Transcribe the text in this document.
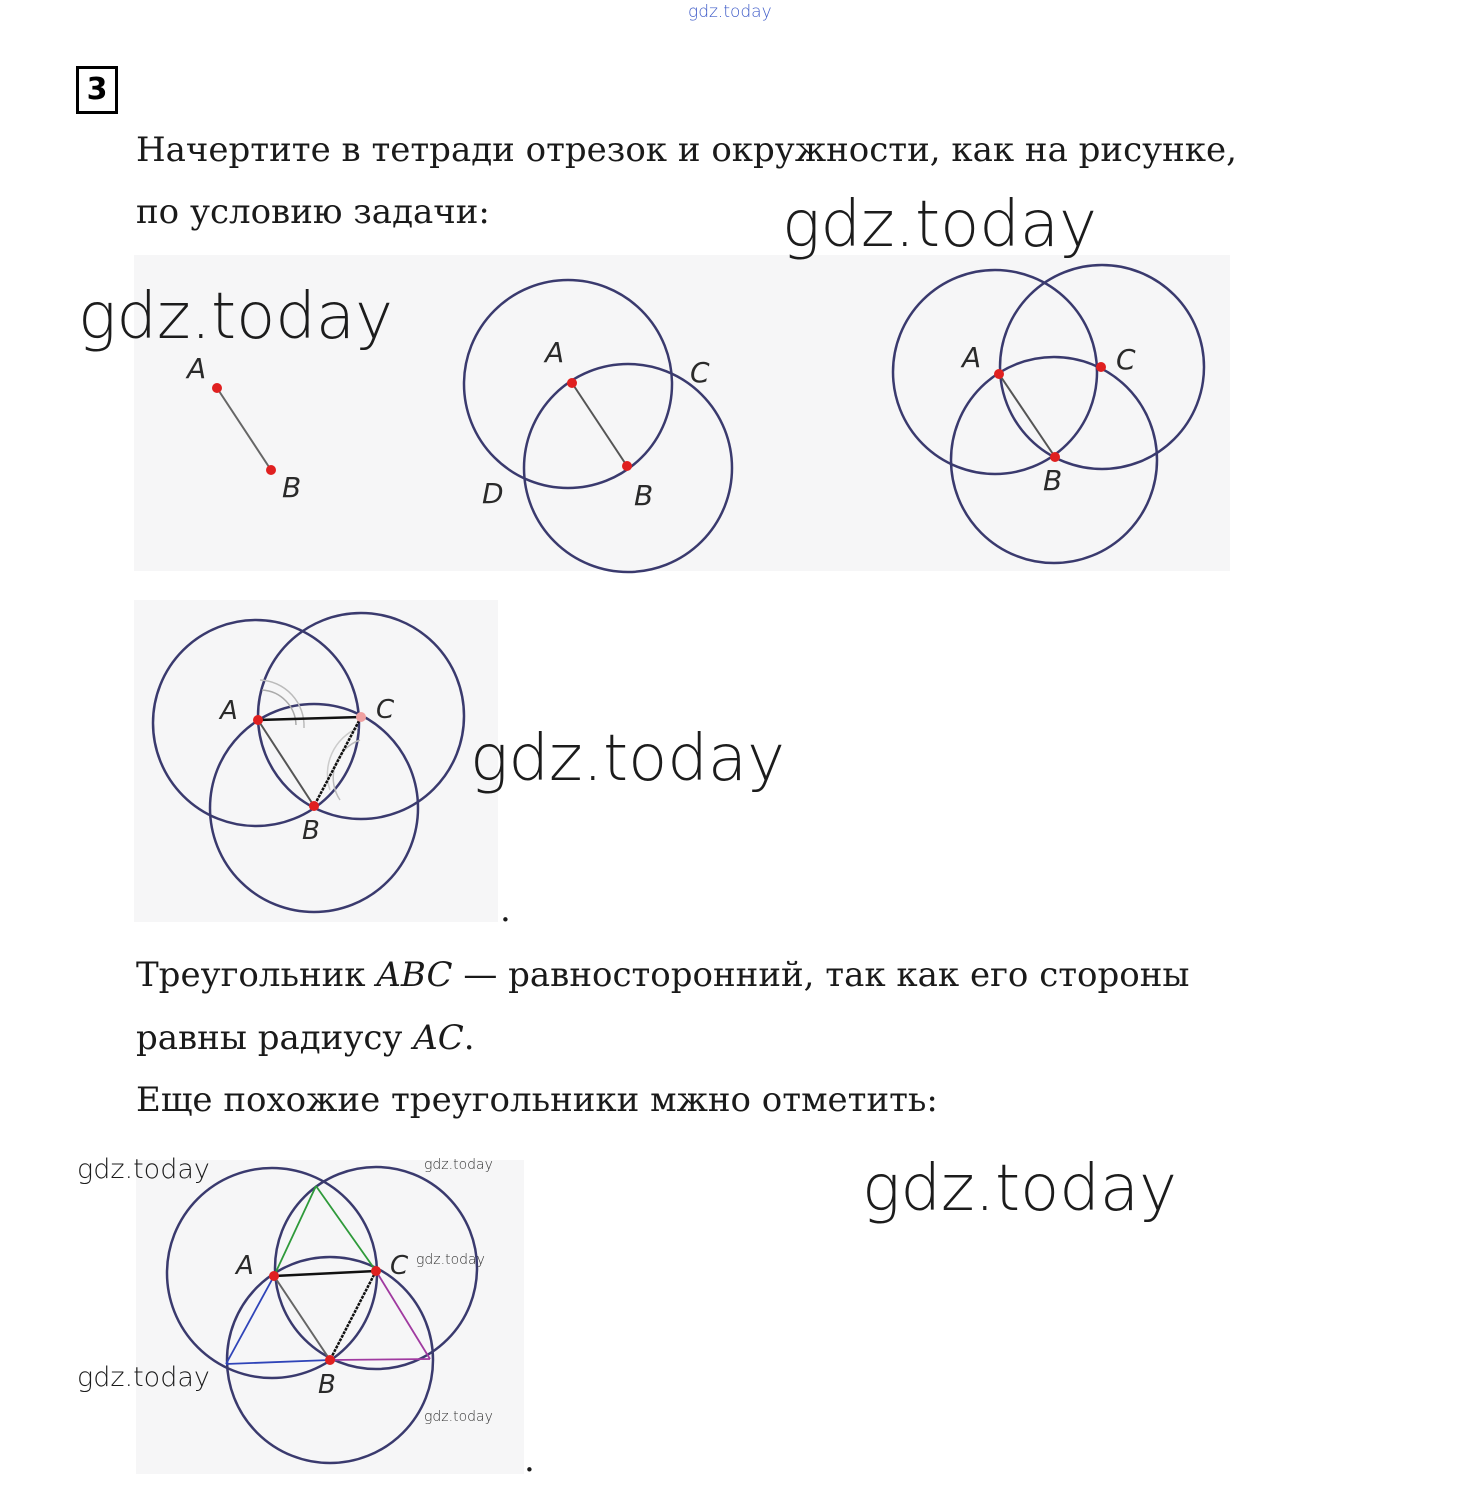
gdz.today
3
Начертите в тетради отрезок и окружности, как на рисунке,
по условию задачи:
A
B
A
C
D	B
A	C
B
gdz.today
gdz.today
A	C
B
gdz.today
.
Треугольник ABC — равносторонний, так как его стороны
равны радиусу AC.
Еще похожие треугольники мжно отметить:
A	C
B
gdz.today	gdz.today
gdz.today
gdz.today
gdz.today
.
gdz.today
